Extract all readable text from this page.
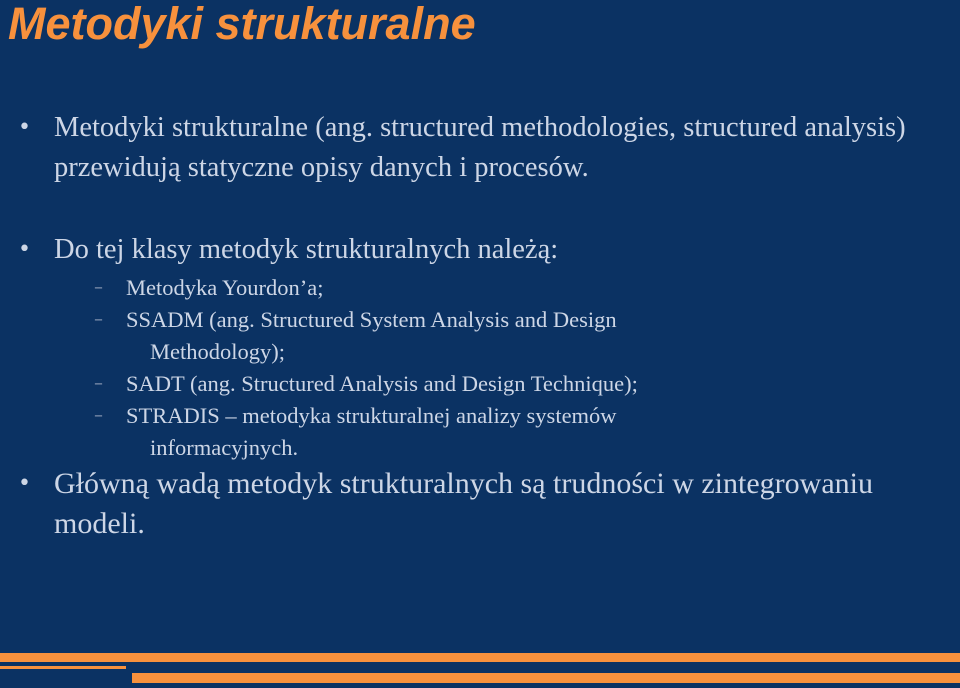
Metodyki strukturalne
• Metodyki strukturalne (ang. structured methodologies, structured analysis) przewidują statyczne opisy danych i procesów.
• Do tej klasy metodyk strukturalnych należą:
– Metodyka Yourdon’a;
– SSADM (ang. Structured System Analysis and Design
Methodology);
– SADT (ang. Structured Analysis and Design Technique);
– STRADIS – metodyka strukturalnej analizy systemów
informacyjnych.
• Główną wadą metodyk strukturalnych są trudności w zintegrowaniu modeli.
